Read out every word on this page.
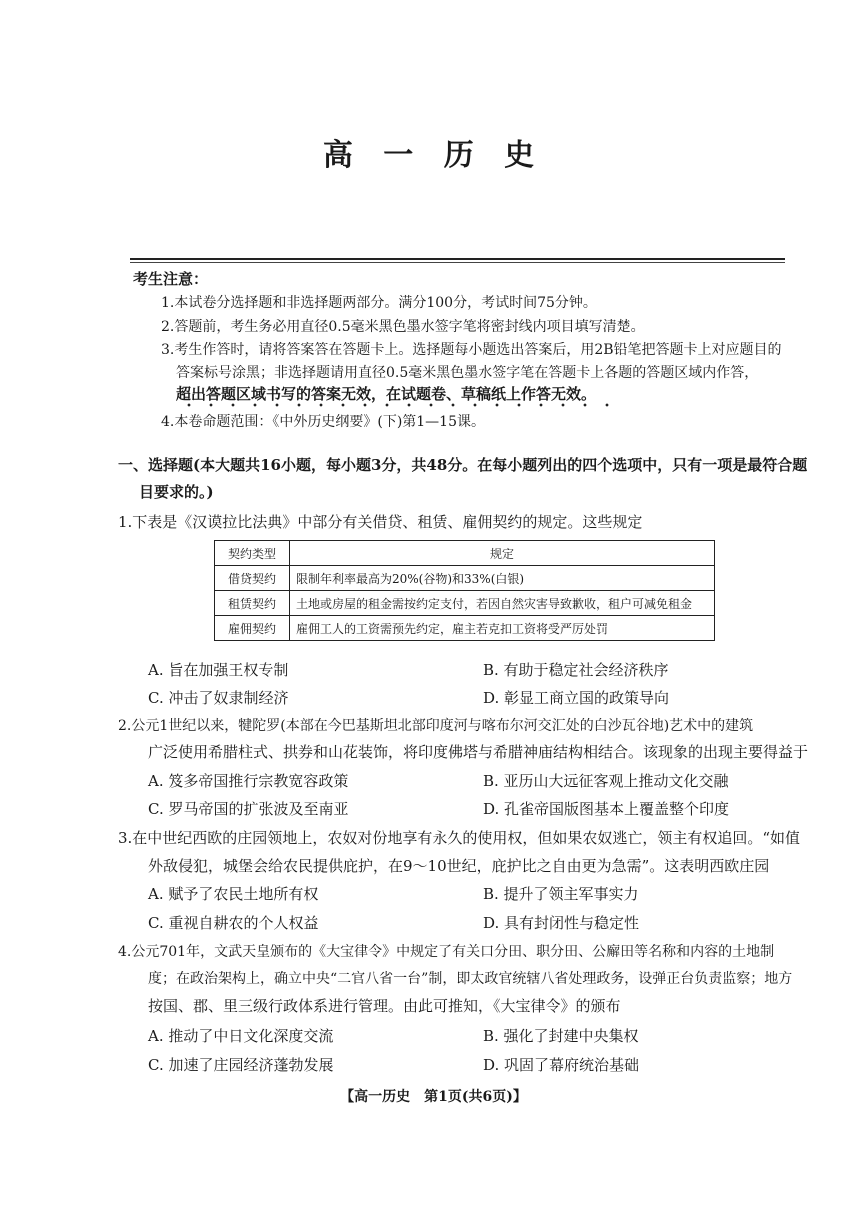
高 一 历 史
考生注意：
1.本试卷分选择题和非选择题两部分。满分100分，考试时间75分钟。
2.答题前，考生务必用直径0.5毫米黑色墨水签字笔将密封线内项目填写清楚。
3.考生作答时，请将答案答在答题卡上。选择题每小题选出答案后，用2B铅笔把答题卡上对应题目的
答案标号涂黑；非选择题请用直径0.5毫米黑色墨水签字笔在答题卡上各题的答题区域内作答，
超出答题区域书写的答案无效，在试题卷、草稿纸上作答无效。
4.本卷命题范围：《中外历史纲要》(下)第1—15课。
一、选择题(本大题共16小题，每小题3分，共48分。在每小题列出的四个选项中，只有一项是最符合题
目要求的。)
1.下表是《汉谟拉比法典》中部分有关借贷、租赁、雇佣契约的规定。这些规定
契约类型	规定
借贷契约	限制年利率最高为20%(谷物)和33%(白银)
租赁契约	土地或房屋的租金需按约定支付，若因自然灾害导致歉收，租户可减免租金
雇佣契约	雇佣工人的工资需预先约定，雇主若克扣工资将受严厉处罚
A. 旨在加强王权专制	B. 有助于稳定社会经济秩序
C. 冲击了奴隶制经济	D. 彰显工商立国的政策导向
2.公元1世纪以来，犍陀罗(本部在今巴基斯坦北部印度河与喀布尔河交汇处的白沙瓦谷地)艺术中的建筑
广泛使用希腊柱式、拱券和山花装饰，将印度佛塔与希腊神庙结构相结合。该现象的出现主要得益于
A. 笈多帝国推行宗教宽容政策	B. 亚历山大远征客观上推动文化交融
C. 罗马帝国的扩张波及至南亚	D. 孔雀帝国版图基本上覆盖整个印度
3.在中世纪西欧的庄园领地上，农奴对份地享有永久的使用权，但如果农奴逃亡，领主有权追回。“如值
外敌侵犯，城堡会给农民提供庇护，在9～10世纪，庇护比之自由更为急需”。这表明西欧庄园
A. 赋予了农民土地所有权	B. 提升了领主军事实力
C. 重视自耕农的个人权益	D. 具有封闭性与稳定性
4.公元701年，文武天皇颁布的《大宝律令》中规定了有关口分田、职分田、公廨田等名称和内容的土地制
度；在政治架构上，确立中央“二官八省一台”制，即太政官统辖八省处理政务，设弹正台负责监察；地方
按国、郡、里三级行政体系进行管理。由此可推知，《大宝律令》的颁布
A. 推动了中日文化深度交流	B. 强化了封建中央集权
C. 加速了庄园经济蓬勃发展	D. 巩固了幕府统治基础
【高一历史　第1页(共6页)】
